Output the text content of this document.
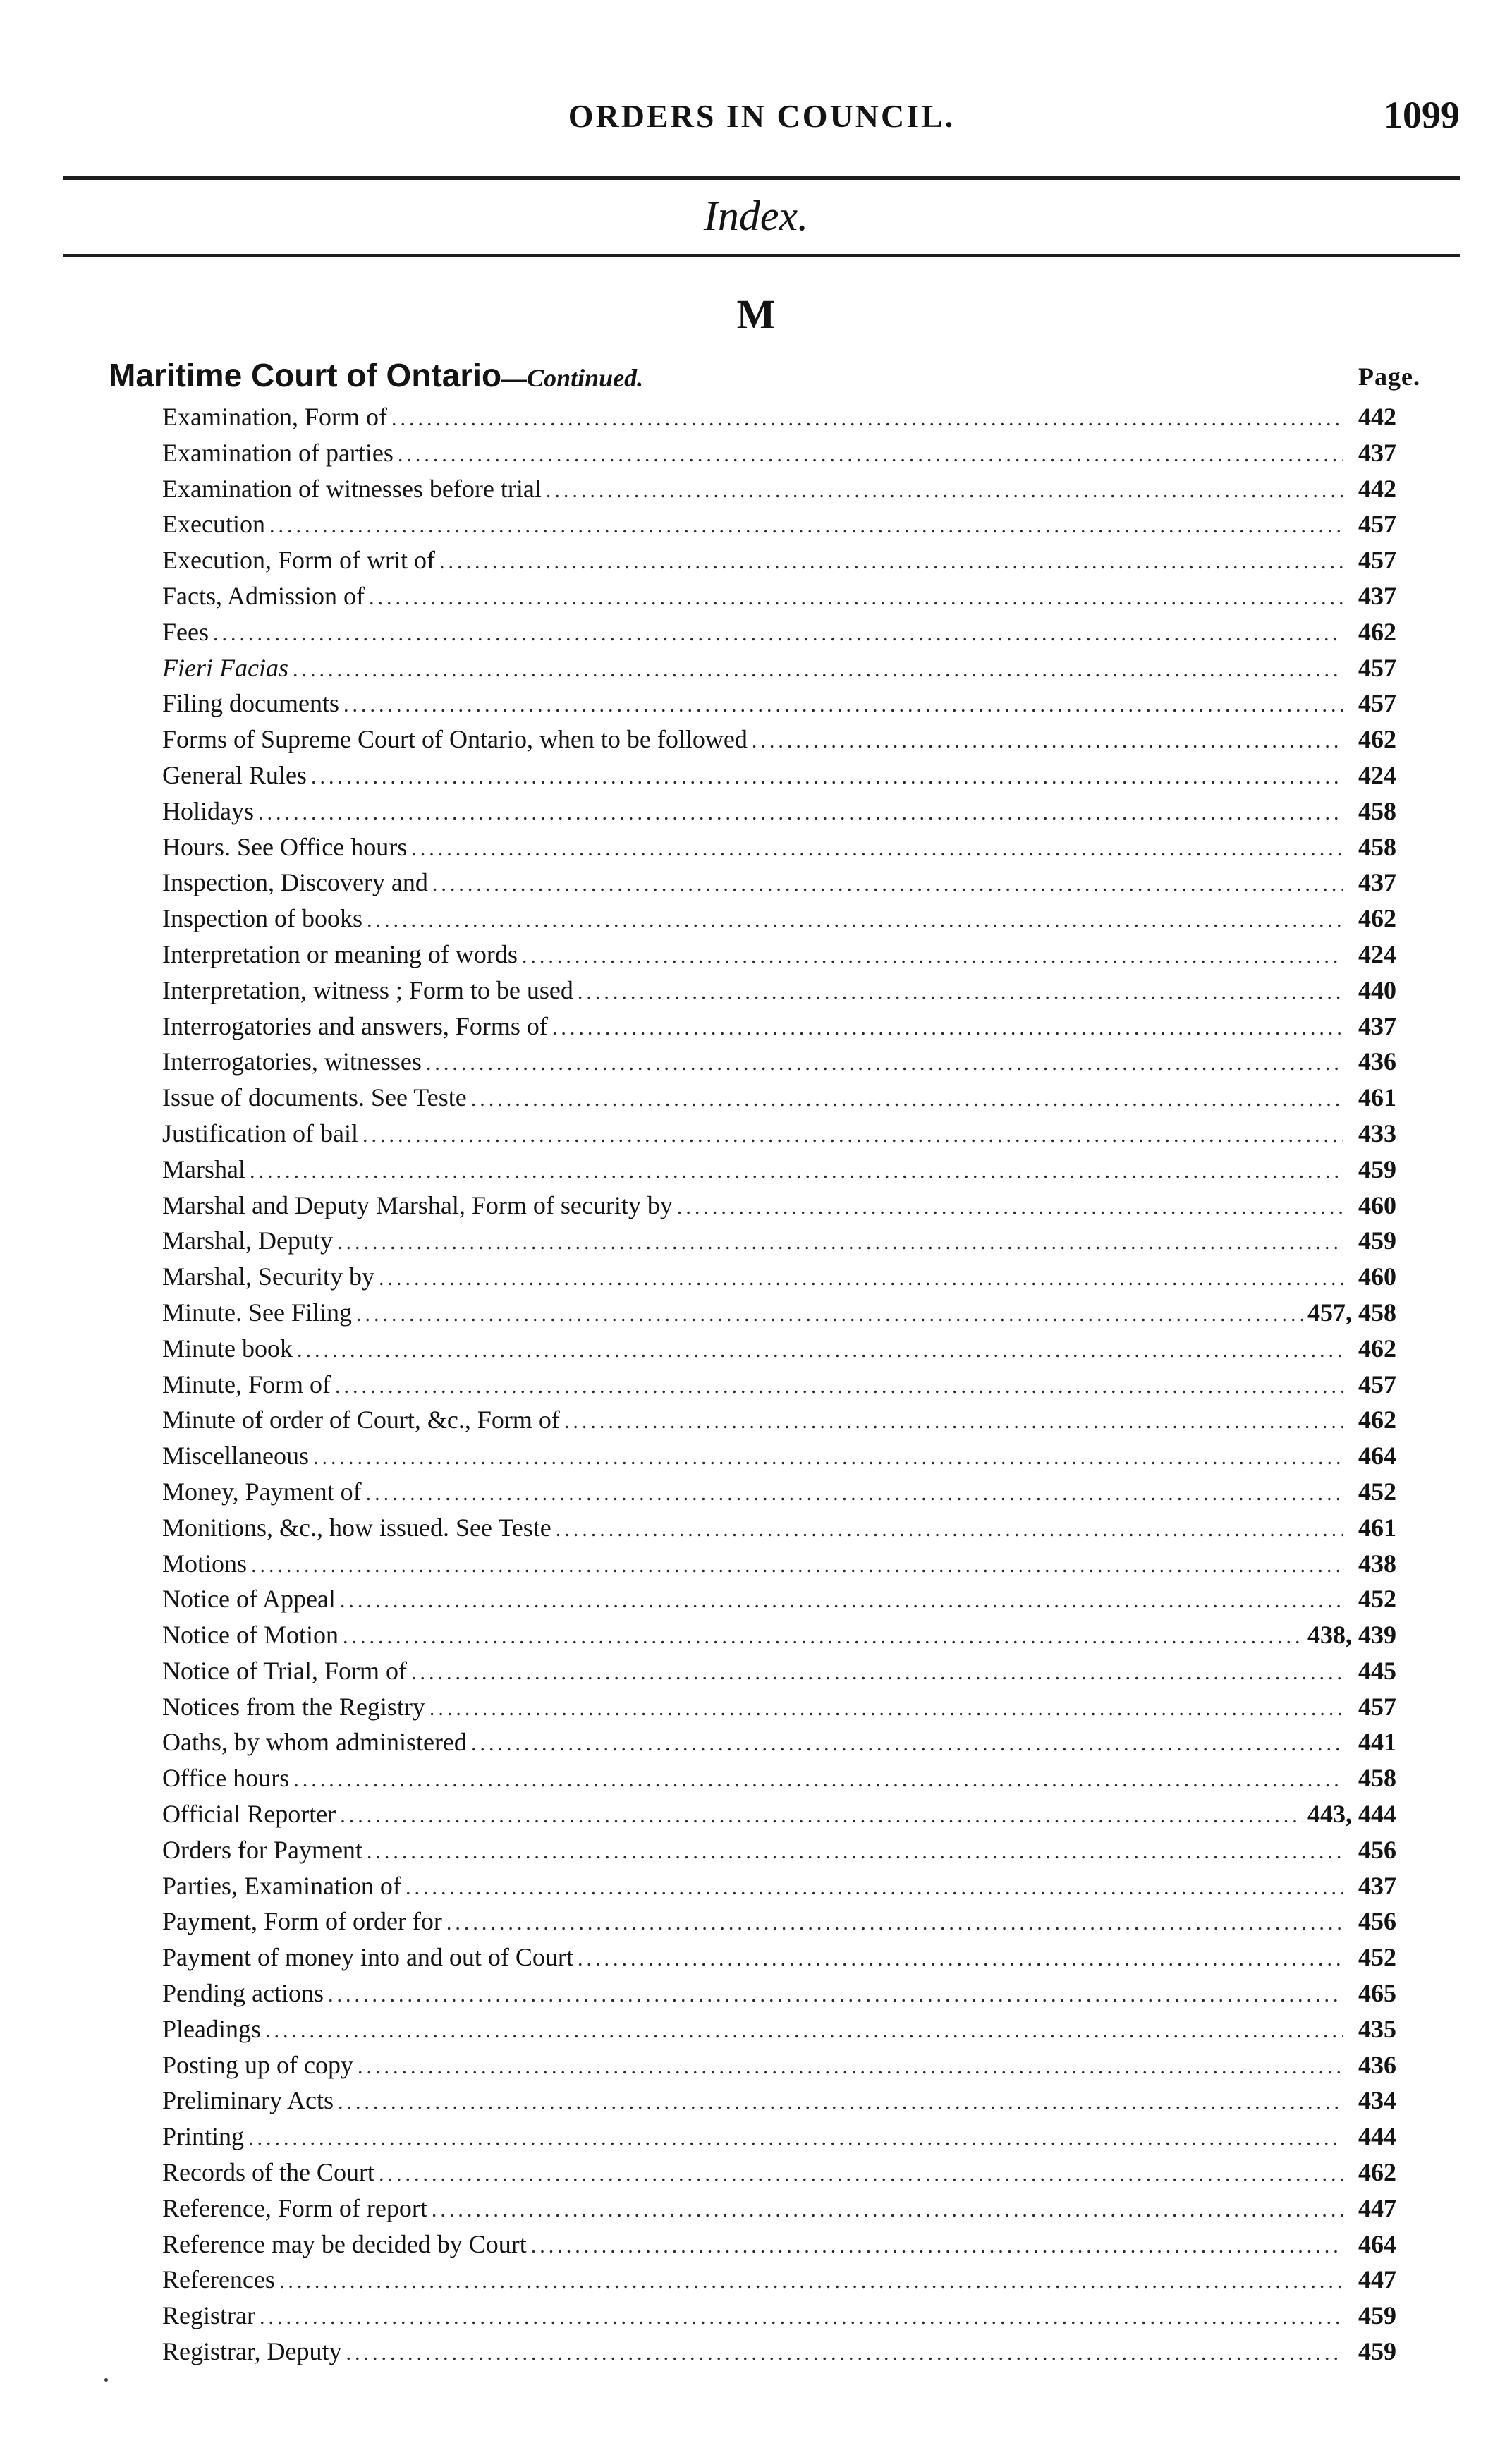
ORDERS IN COUNCIL.	1099
Index.
M
Maritime Court of Ontario—Continued.	Page.
Examination, Form of .....	442
Examination of parties .....	437
Examination of witnesses before trial .....	442
Execution .....	457
Execution, Form of writ of .....	457
Facts, Admission of .....	437
Fees .....	462
Fieri Facias .....	457
Filing documents .....	457
Forms of Supreme Court of Ontario, when to be followed .....	462
General Rules .....	424
Holidays .....	458
Hours. See Office hours .....	458
Inspection, Discovery and .....	437
Inspection of books .....	462
Interpretation or meaning of words .....	424
Interpretation, witness ; Form to be used .....	440
Interrogatories and answers, Forms of .....	437
Interrogatories, witnesses .....	436
Issue of documents. See Teste .....	461
Justification of bail .....	433
Marshal .....	459
Marshal and Deputy Marshal, Form of security by .....	460
Marshal, Deputy .....	459
Marshal, Security by .....	460
Minute. See Filing .....	457, 458
Minute book .....	462
Minute, Form of .....	457
Minute of order of Court, &c., Form of .....	462
Miscellaneous .....	464
Money, Payment of .....	452
Monitions, &c., how issued. See Teste .....	461
Motions .....	438
Notice of Appeal .....	452
Notice of Motion .....	438, 439
Notice of Trial, Form of .....	445
Notices from the Registry .....	457
Oaths, by whom administered .....	441
Office hours .....	458
Official Reporter .....	443, 444
Orders for Payment .....	456
Parties, Examination of .....	437
Payment, Form of order for .....	456
Payment of money into and out of Court .....	452
Pending actions .....	465
Pleadings .....	435
Posting up of copy .....	436
Preliminary Acts .....	434
Printing .....	444
Records of the Court .....	462
Reference, Form of report .....	447
Reference may be decided by Court .....	464
References .....	447
Registrar .....	459
Registrar, Deputy .....	459
